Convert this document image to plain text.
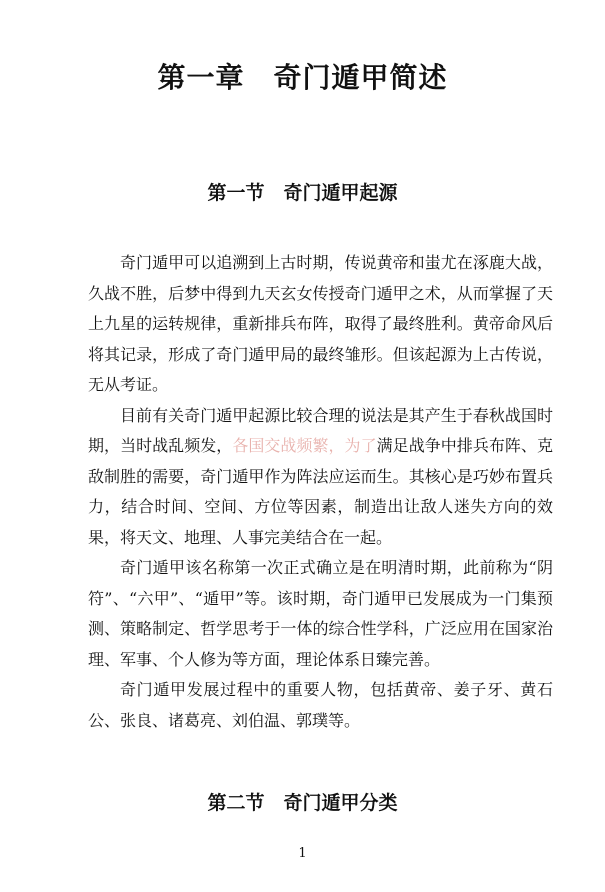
第一章　奇门遁甲简述
第一节　奇门遁甲起源

奇门遁甲可以追溯到上古时期，传说黄帝和蚩尤在涿鹿大战，久战不胜，后梦中得到九天玄女传授奇门遁甲之术，从而掌握了天上九星的运转规律，重新排兵布阵，取得了最终胜利。黄帝命风后将其记录，形成了奇门遁甲局的最终雏形。但该起源为上古传说，无从考证。

目前有关奇门遁甲起源比较合理的说法是其产生于春秋战国时期，当时战乱频发，各国交战频繁，为了满足战争中排兵布阵、克敌制胜的需要，奇门遁甲作为阵法应运而生。其核心是巧妙布置兵力，结合时间、空间、方位等因素，制造出让敌人迷失方向的效果，将天文、地理、人事完美结合在一起。

奇门遁甲该名称第一次正式确立是在明清时期，此前称为“阴符”、“六甲”、“遁甲”等。该时期，奇门遁甲已发展成为一门集预测、策略制定、哲学思考于一体的综合性学科，广泛应用在国家治理、军事、个人修为等方面，理论体系日臻完善。

奇门遁甲发展过程中的重要人物，包括黄帝、姜子牙、黄石公、张良、诸葛亮、刘伯温、郭璞等。

第二节　奇门遁甲分类
1
